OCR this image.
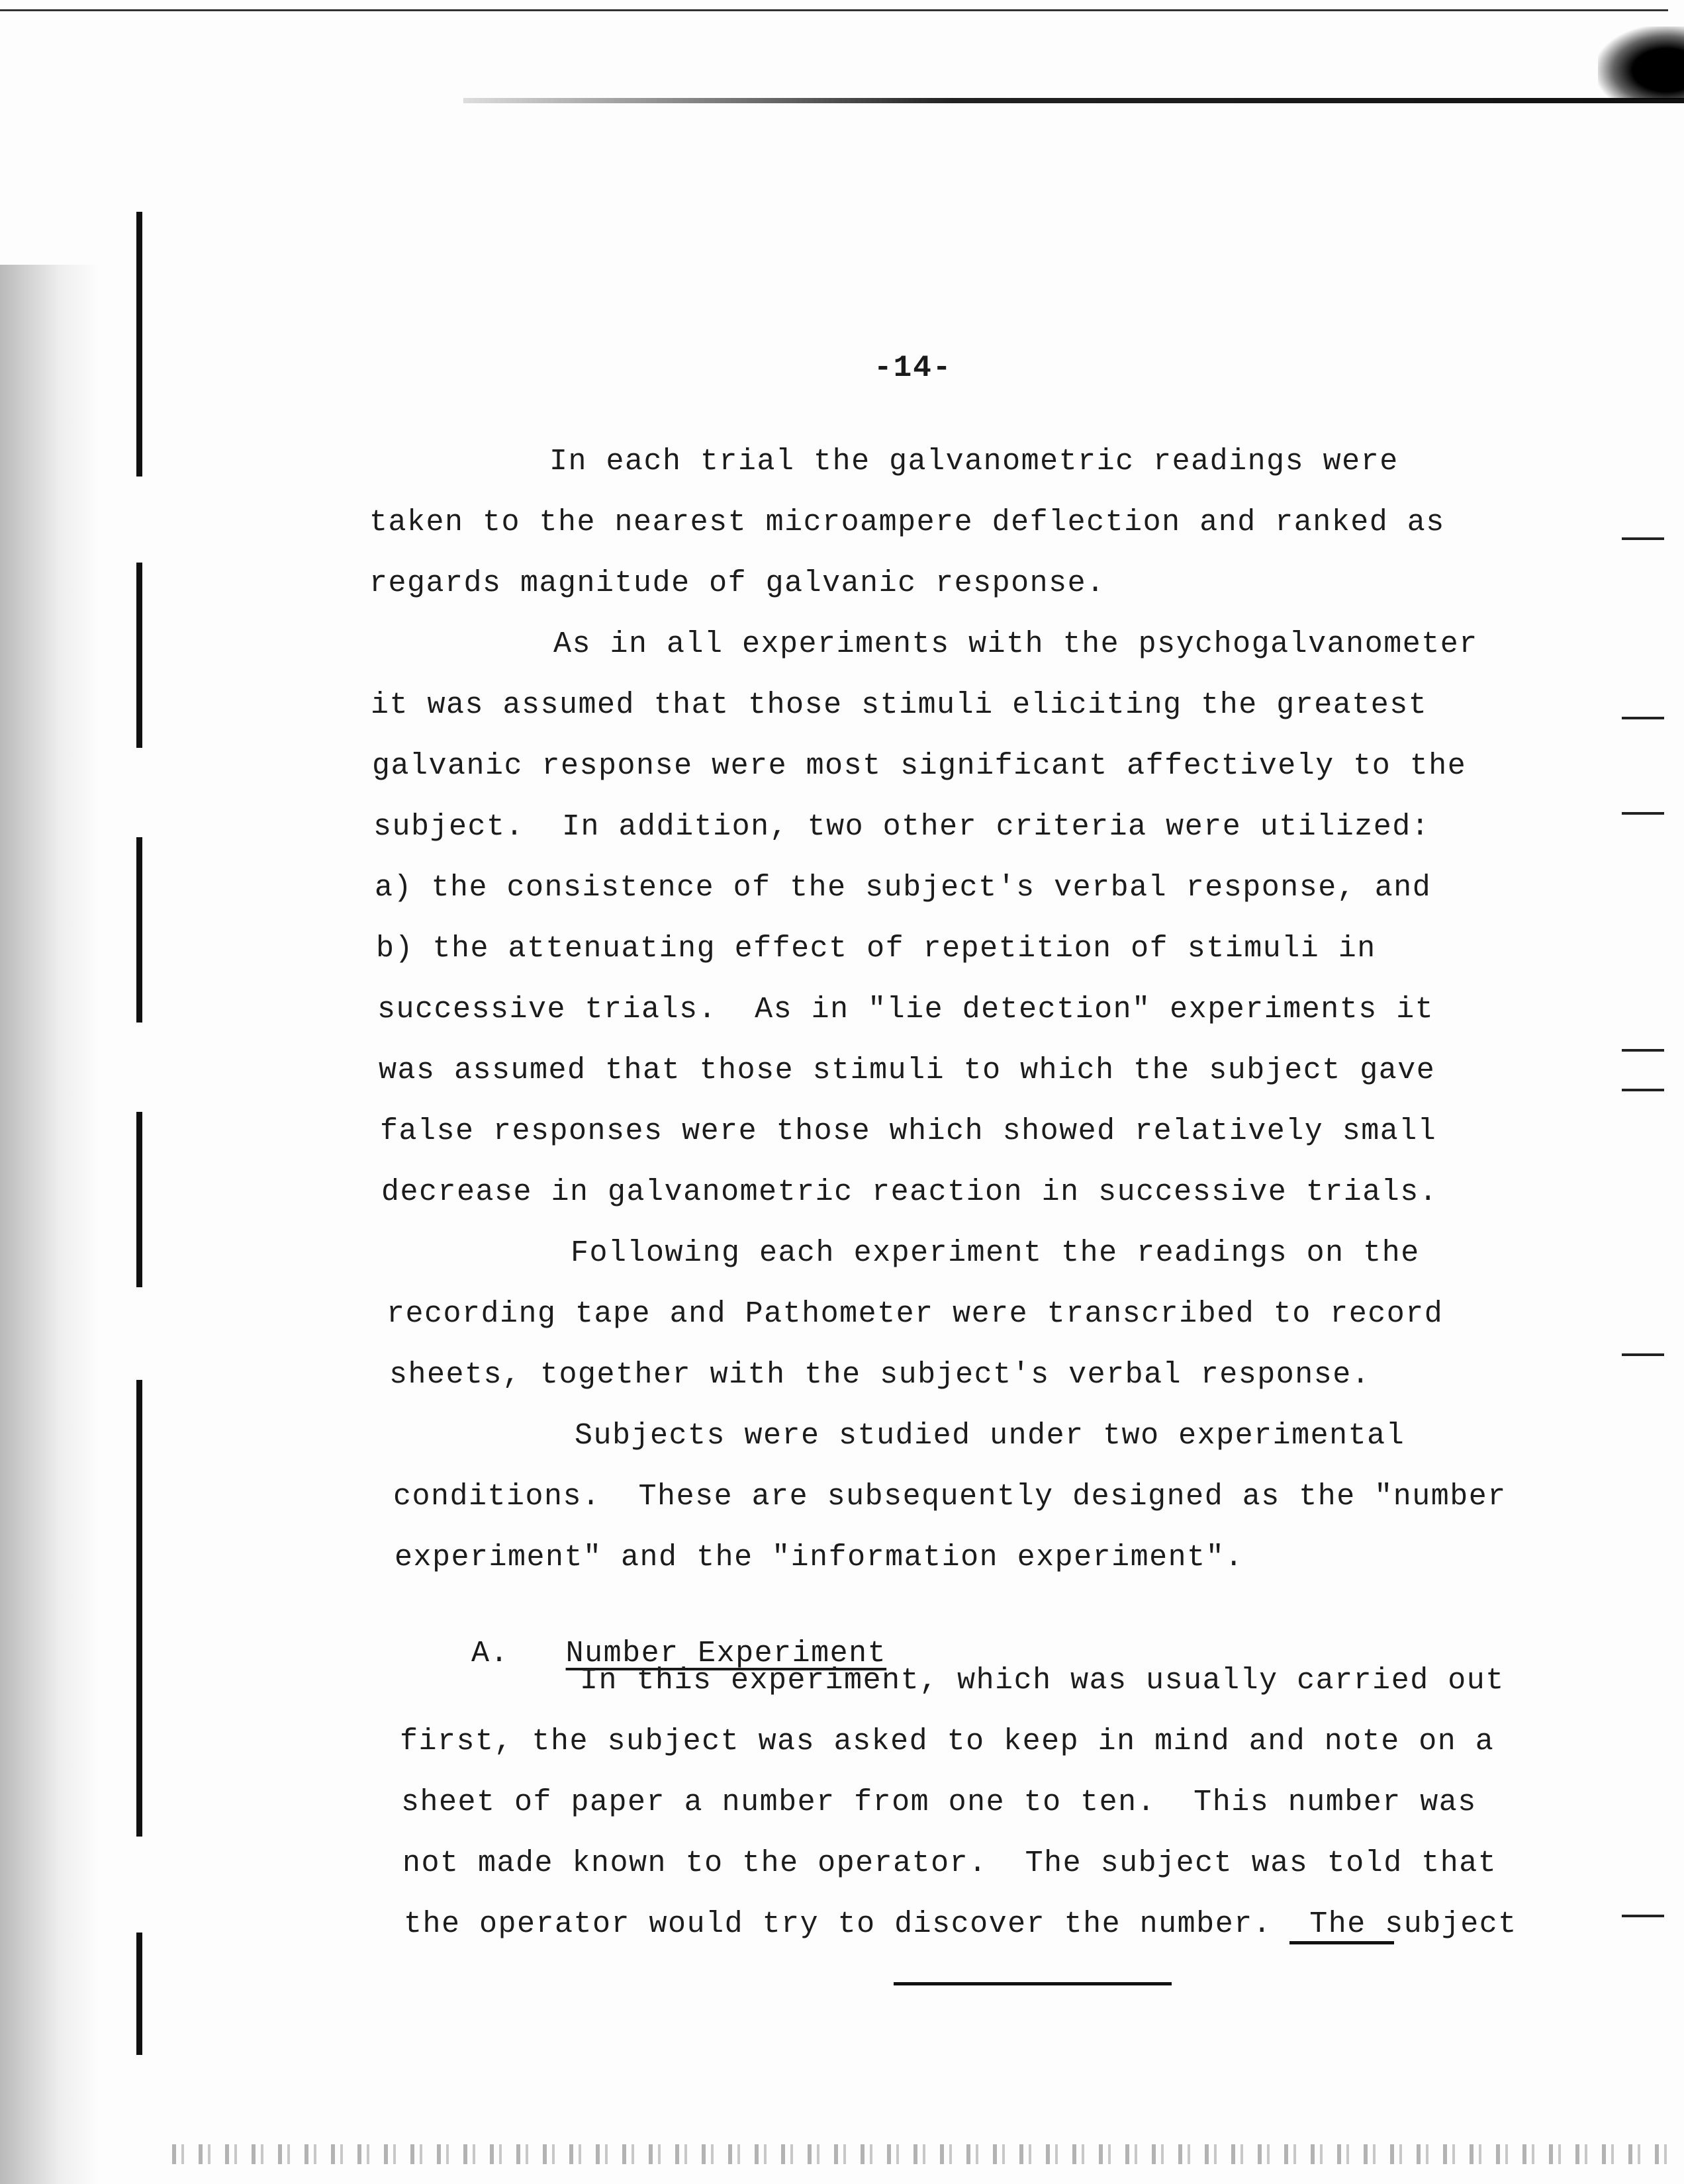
-14-
In each trial the galvanometric readings were
taken to the nearest microampere deflection and ranked as
regards magnitude of galvanic response.
As in all experiments with the psychogalvanometer
it was assumed that those stimuli eliciting the greatest
galvanic response were most significant affectively to the
subject.  In addition, two other criteria were utilized:
a) the consistence of the subject's verbal response, and
b) the attenuating effect of repetition of stimuli in
successive trials.  As in "lie detection" experiments it
was assumed that those stimuli to which the subject gave
false responses were those which showed relatively small
decrease in galvanometric reaction in successive trials.
Following each experiment the readings on the
recording tape and Pathometer were transcribed to record
sheets, together with the subject's verbal response.
Subjects were studied under two experimental
conditions.  These are subsequently designed as the "number
experiment" and the "information experiment".

A. Number Experiment

In this experiment, which was usually carried out
first, the subject was asked to keep in mind and note on a
sheet of paper a number from one to ten.  This number was
not made known to the operator.  The subject was told that
the operator would try to discover the number.  The subject
